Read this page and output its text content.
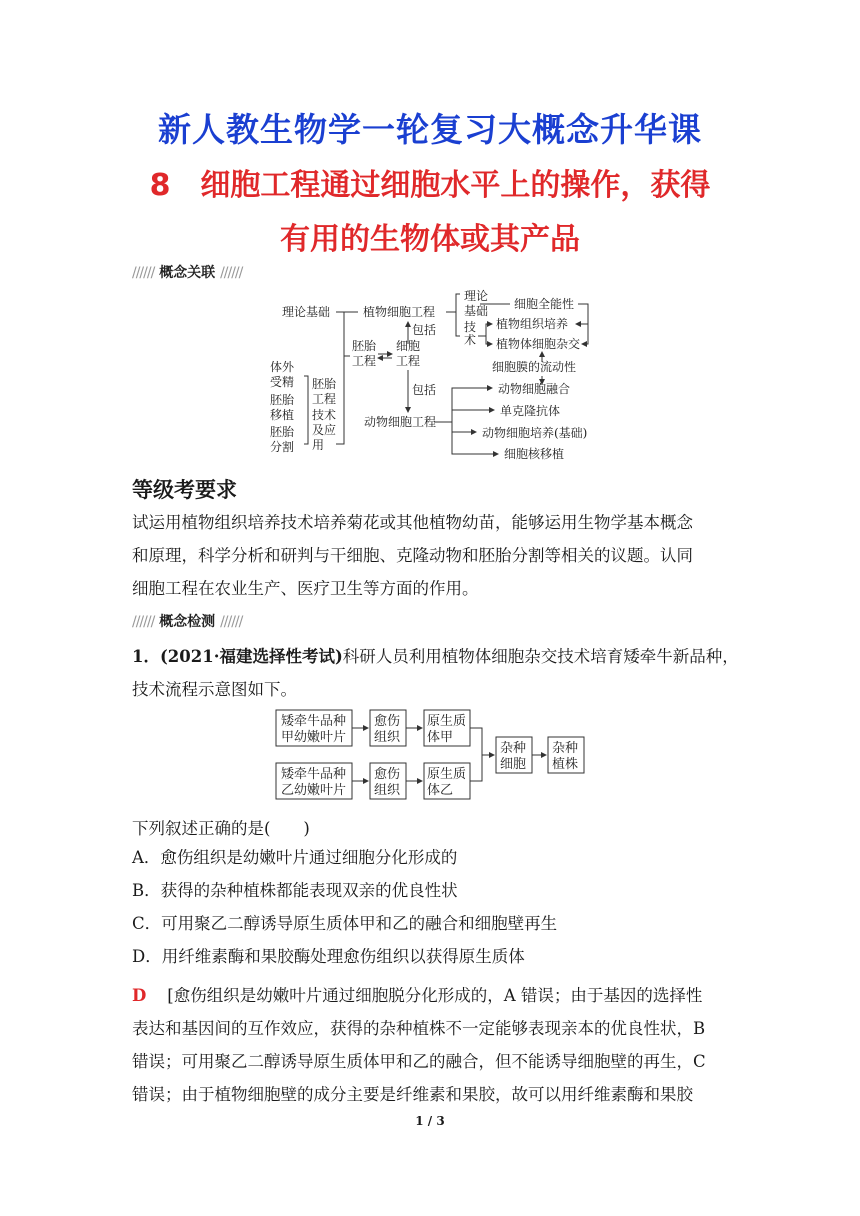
新人教生物学一轮复习大概念升华课
8　细胞工程通过细胞水平上的操作，获得
有用的生物体或其产品
////// 概念关联 //////
理论基础
体外
受精
胚胎
移植
胚胎
分割
胚胎
工程
技术
及应
用
胚胎
工程
细胞
工程
植物细胞工程
动物细胞工程
包括
包括
理论
基础
技
术
细胞全能性
植物组织培养
植物体细胞杂交
细胞膜的流动性
动物细胞融合
单克隆抗体
动物细胞培养(基础)
细胞核移植
等级考要求
试运用植物组织培养技术培养菊花或其他植物幼苗，能够运用生物学基本概念
和原理，科学分析和研判与干细胞、克隆动物和胚胎分割等相关的议题。认同
细胞工程在农业生产、医疗卫生等方面的作用。
////// 概念检测 //////
1．(2021·福建选择性考试)科研人员利用植物体细胞杂交技术培育矮牵牛新品种，
技术流程示意图如下。
矮牵牛品种
甲幼嫩叶片
矮牵牛品种
乙幼嫩叶片
愈伤
组织
愈伤
组织
原生质
体甲
原生质
体乙
杂种
细胞
杂种
植株
下列叙述正确的是(　　)
A．愈伤组织是幼嫩叶片通过细胞分化形成的
B．获得的杂种植株都能表现双亲的优良性状
C．可用聚乙二醇诱导原生质体甲和乙的融合和细胞壁再生
D．用纤维素酶和果胶酶处理愈伤组织以获得原生质体
D [愈伤组织是幼嫩叶片通过细胞脱分化形成的，A 错误；由于基因的选择性
表达和基因间的互作效应，获得的杂种植株不一定能够表现亲本的优良性状，B
错误；可用聚乙二醇诱导原生质体甲和乙的融合，但不能诱导细胞壁的再生，C
错误；由于植物细胞壁的成分主要是纤维素和果胶，故可以用纤维素酶和果胶
1 / 3
